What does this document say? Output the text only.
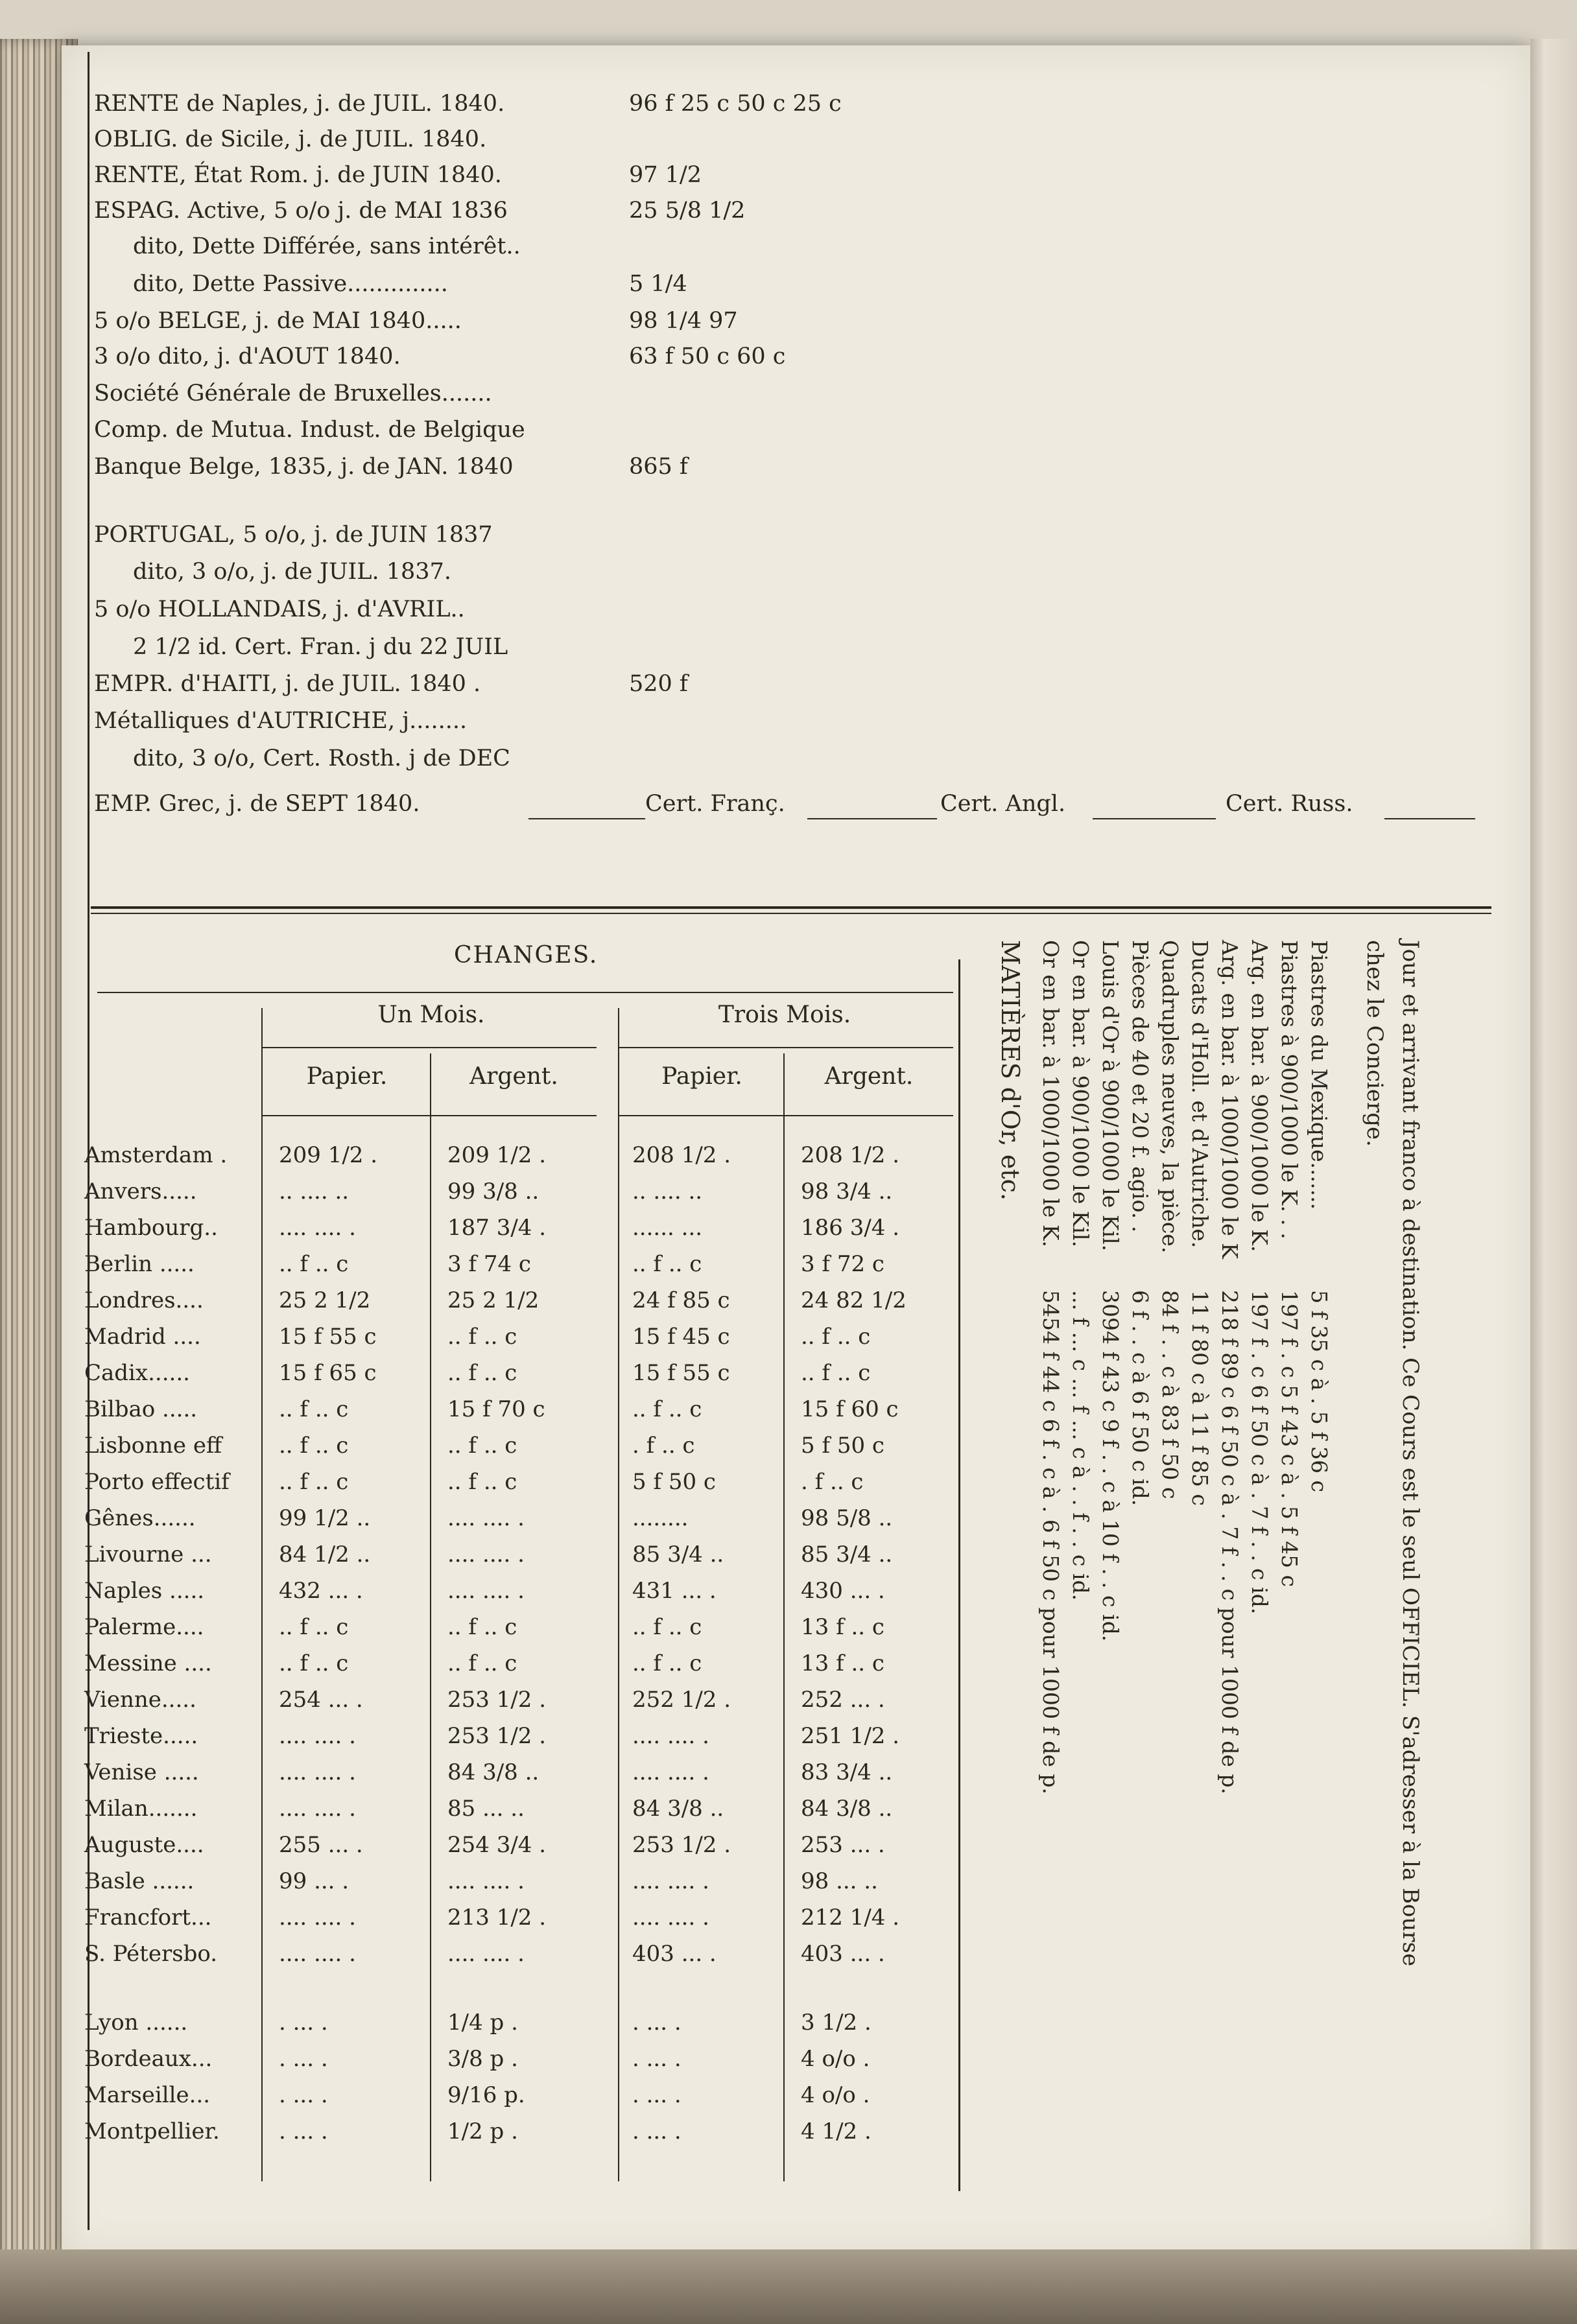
RENTE de Naples, j. de JUIL. 1840.	96 f 25 c 50 c 25 c
OBLIG. de Sicile, j. de JUIL. 1840.
RENTE, État Rom. j. de JUIN 1840.	97 1/2
ESPAG. Active, 5 o/o j. de MAI 1836	25 5/8 1/2
dito, Dette Différée, sans intérêt..
dito, Dette Passive..............	5 1/4
5 o/o BELGE, j. de MAI 1840.....	98 1/4 97
3 o/o dito, j. d'AOUT 1840.	63 f 50 c 60 c
Société Générale de Bruxelles.......
Comp. de Mutua. Indust. de Belgique
Banque Belge, 1835, j. de JAN. 1840	865 f
PORTUGAL, 5 o/o, j. de JUIN 1837
dito, 3 o/o, j. de JUIL. 1837.
5 o/o HOLLANDAIS, j. d'AVRIL..
2 1/2 id. Cert. Fran. j du 22 JUIL
EMPR. d'HAITI, j. de JUIL. 1840 .	520 f
Métalliques d'AUTRICHE, j........
dito, 3 o/o, Cert. Rosth. j de DEC
EMP. Grec, j. de SEPT 1840.	Cert. Franç.	Cert. Angl.	Cert. Russ.
CHANGES.
Un Mois.	Trois Mois.
Papier.	Argent.	Papier.	Argent.
Amsterdam . 209 1/2 .	209 1/2 .	208 1/2 .	208 1/2 .
Anvers.....	.. .... ..	99 3/8 ..	.. .... ..	98 3/4 ..
Hambourg..	.... .... .	187 3/4 .	...... ...	186 3/4 .
Berlin .....	.. f .. c	3 f 74 c	.. f .. c	3 f 72 c
Londres....	25 2 1/2	25 2 1/2	24 f 85 c	24 82 1/2
Madrid ....	15 f 55 c	.. f .. c	15 f 45 c	.. f .. c
Cadix......	15 f 65 c	.. f .. c	15 f 55 c	.. f .. c
Bilbao .....	.. f .. c	15 f 70 c	.. f .. c	15 f 60 c
Lisbonne eff	.. f .. c	.. f .. c	. f .. c	5 f 50 c
Porto effectif .. f .. c	.. f .. c	5 f 50 c	. f .. c
Gênes......	99 1/2 ..	.... .... .	........	98 5/8 ..
Livourne ...	84 1/2 ..	.... .... .	85 3/4 ..	85 3/4 ..
Naples .....	432 ... .	.... .... .	431 ... .	430 ... .
Palerme....	.. f .. c	.. f .. c	.. f .. c	13 f .. c
Messine ....	.. f .. c	.. f .. c	.. f .. c	13 f .. c
Vienne.....	254 ... .	253 1/2 .	252 1/2 .	252 ... .
Trieste.....	.... .... .	253 1/2 .	.... .... .	251 1/2 .
Venise .....	.... .... .	84 3/8 ..	.... .... .	83 3/4 ..
Milan.......	.... .... .	85 ... ..	84 3/8 ..	84 3/8 ..
Auguste....	255 ... .	254 3/4 .	253 1/2 .	253 ... .
Basle ......	99 ... .	.... .... .	.... .... .	98 ... ..
Francfort...	.... .... .	213 1/2 .	.... .... .	212 1/4 .
S. Pétersbo.	.... .... .	.... .... .	403 ... .	403 ... .
Lyon ......	. ... .	1/4 p .	. ... .	3 1/2 .
Bordeaux...	. ... .	3/8 p .	. ... .	4 o/o .
Marseille...	. ... .	9/16 p.	. ... .	4 o/o .
Montpellier.	. ... .	1/2 p .	. ... .	4 1/2 .
MATIÈRES d'Or, etc. Or en bar. à 1000/1000 le K.
5454 f 44 c 6 f . c à . 6 f 50 c pour 1000 f de p.
Or en bar. à 900/1000 le Kil.
... f ... c ... f ... c à . . f . . c id.
Louis d'Or à 900/1000 le Kil.
3094 f 43 c 9 f . . c à 10 f . . c id.
Pièces de 40 et 20 f. agio. .
6 f . . c à 6 f 50 c id.
Quadruples neuves, la pièce.
84 f . . c à 83 f 50 c
Ducats d'Holl. et d'Autriche.
11 f 80 c à 11 f 85 c
Arg. en bar. à 1000/1000 le K
218 f 89 c 6 f 50 c à . 7 f . . c pour 1000 f de p.
Arg. en bar. à 900/1000 le K.
197 f . c 6 f 50 c à . 7 f . . c id.
Piastres à 900/1000 le K. . .
197 f . c 5 f 43 c à . 5 f 45 c
Piastres du Mexique.......
5 f 35 c à . 5 f 36 c	Jour et arrivant franco à destination. Ce Cours est le seul OFFICIEL. S'adresser à la Bourse
chez le Concierge.
